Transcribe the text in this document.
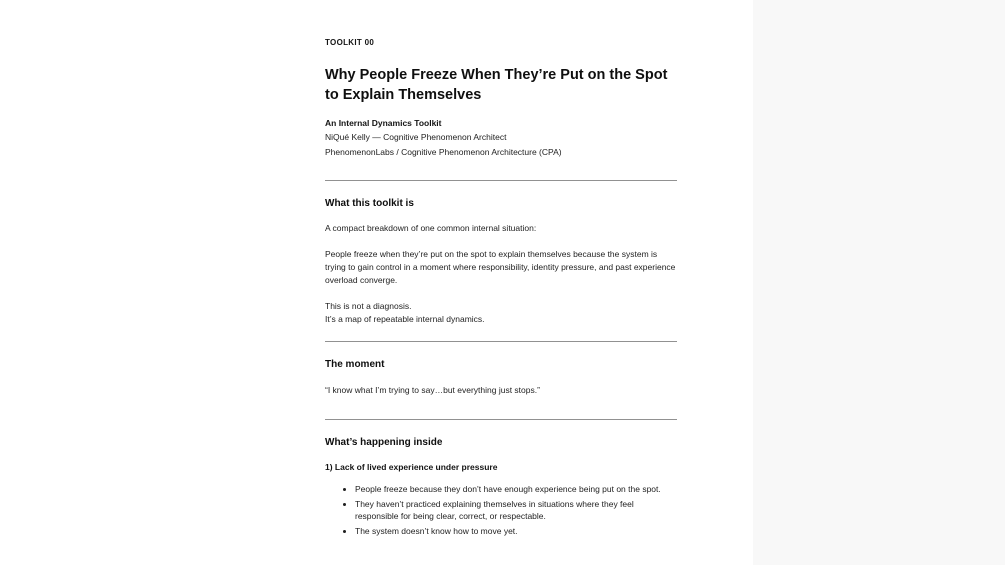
TOOLKIT 00
Why People Freeze When They’re Put on the Spot to Explain Themselves
An Internal Dynamics Toolkit
NiQué Kelly — Cognitive Phenomenon Architect
PhenomenonLabs / Cognitive Phenomenon Architecture (CPA)
What this toolkit is
A compact breakdown of one common internal situation:
People freeze when they’re put on the spot to explain themselves because the system is trying to gain control in a moment where responsibility, identity pressure, and past experience overload converge.
This is not a diagnosis.
It’s a map of repeatable internal dynamics.
The moment
“I know what I’m trying to say…but everything just stops.”
What’s happening inside
1) Lack of lived experience under pressure
• People freeze because they don’t have enough experience being put on the spot.
• They haven’t practiced explaining themselves in situations where they feel responsible for being clear, correct, or respectable.
• The system doesn’t know how to move yet.
